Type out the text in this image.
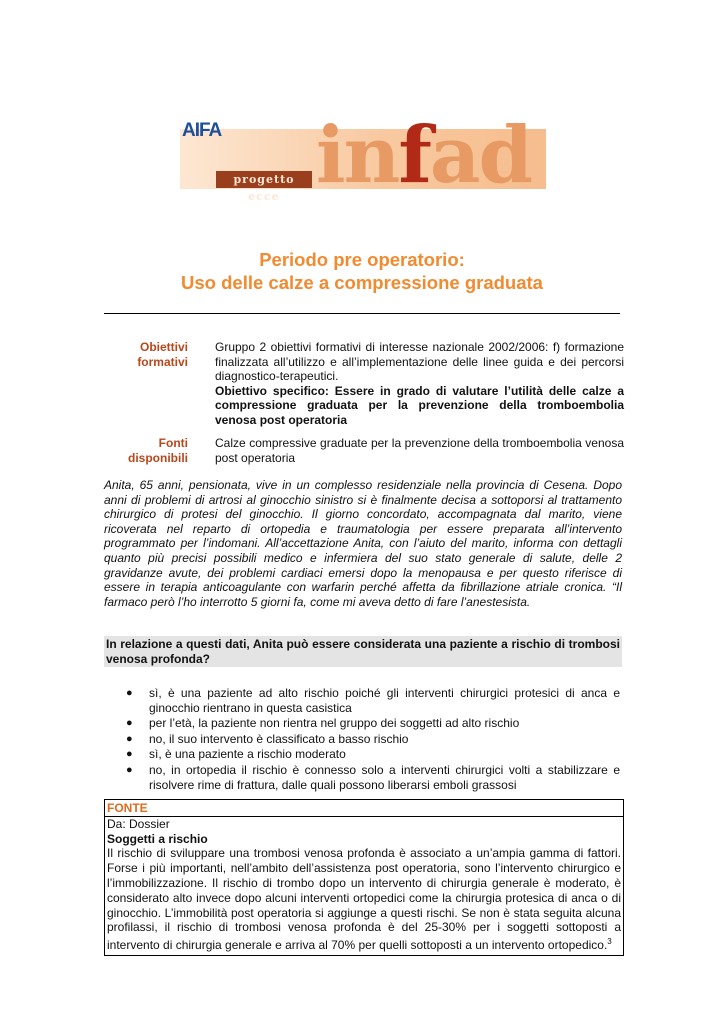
AIFA
progetto ecce infad
Periodo pre operatorio:
Uso delle calze a compressione graduata
Obiettivi
formativi
Gruppo 2 obiettivi formativi di interesse nazionale 2002/2006: f) formazione finalizzata all’utilizzo e all’implementazione delle linee guida e dei percorsi diagnostico-terapeutici.
Obiettivo specifico: Essere in grado di valutare l’utilità delle calze a compressione graduata per la prevenzione della tromboembolia venosa post operatoria
Fonti
disponibili
Calze compressive graduate per la prevenzione della tromboembolia venosa post operatoria
Anita, 65 anni, pensionata, vive in un complesso residenziale nella provincia di Cesena. Dopo anni di problemi di artrosi al ginocchio sinistro si è finalmente decisa a sottoporsi al trattamento chirurgico di protesi del ginocchio. Il giorno concordato, accompagnata dal marito, viene ricoverata nel reparto di ortopedia e traumatologia per essere preparata all’intervento programmato per l’indomani. All’accettazione Anita, con l’aiuto del marito, informa con dettagli quanto più precisi possibili medico e infermiera del suo stato generale di salute, delle 2 gravidanze avute, dei problemi cardiaci emersi dopo la menopausa e per questo riferisce di essere in terapia anticoagulante con warfarin perché affetta da fibrillazione atriale cronica. “Il farmaco però l’ho interrotto 5 giorni fa, come mi aveva detto di fare l’anestesista.
In relazione a questi dati, Anita può essere considerata una paziente a rischio di trombosi venosa profonda?
● sì, è una paziente ad alto rischio poiché gli interventi chirurgici protesici di anca e ginocchio rientrano in questa casistica
● per l’età, la paziente non rientra nel gruppo dei soggetti ad alto rischio
● no, il suo intervento è classificato a basso rischio
● sì, è una paziente a rischio moderato
● no, in ortopedia il rischio è connesso solo a interventi chirurgici volti a stabilizzare e risolvere rime di frattura, dalle quali possono liberarsi emboli grassosi
FONTE
Da: Dossier
Soggetti a rischio
Il rischio di sviluppare una trombosi venosa profonda è associato a un’ampia gamma di fattori. Forse i più importanti, nell’ambito dell’assistenza post operatoria, sono l’intervento chirurgico e l’immobilizzazione. Il rischio di trombo dopo un intervento di chirurgia generale è moderato, è considerato alto invece dopo alcuni interventi ortopedici come la chirurgia protesica di anca o di ginocchio. L’immobilità post operatoria si aggiunge a questi rischi. Se non è stata seguita alcuna profilassi, il rischio di trombosi venosa profonda è del 25-30% per i soggetti sottoposti a intervento di chirurgia generale e arriva al 70% per quelli sottoposti a un intervento ortopedico.$^3$
